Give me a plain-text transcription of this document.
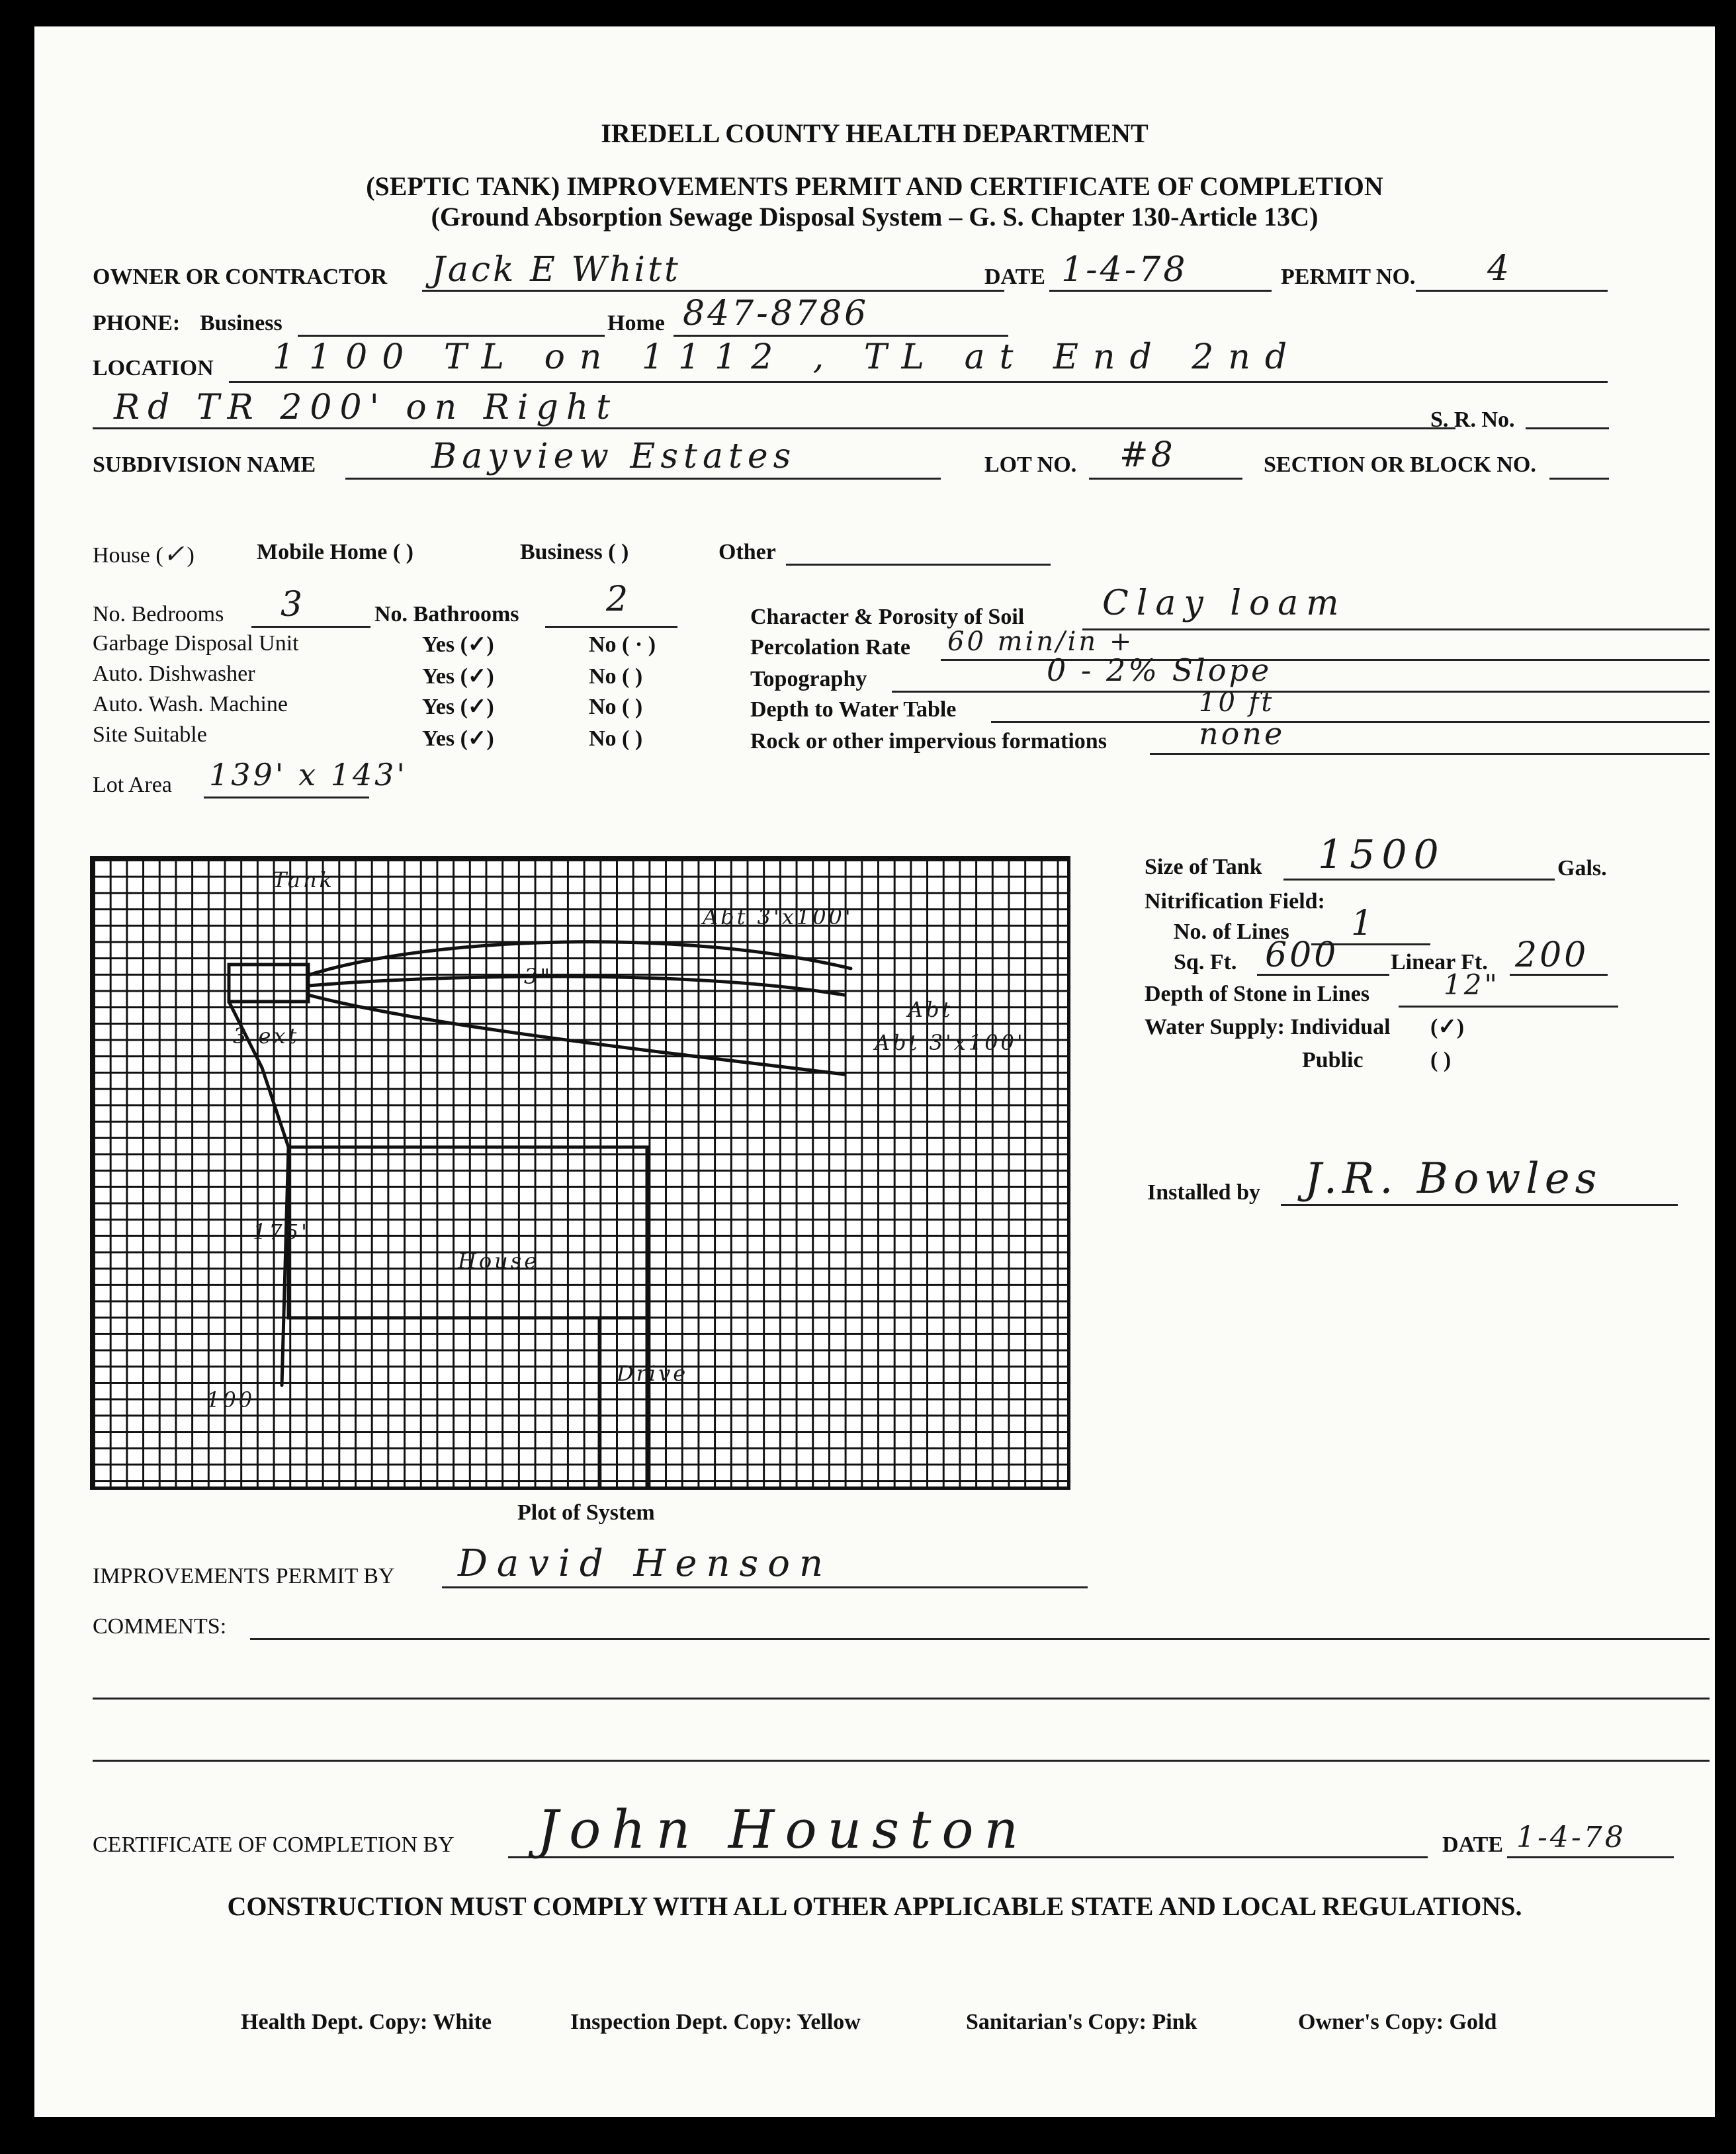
IREDELL COUNTY HEALTH DEPARTMENT
(SEPTIC TANK) IMPROVEMENTS PERMIT AND CERTIFICATE OF COMPLETION
(Ground Absorption Sewage Disposal System – G. S. Chapter 130-Article 13C)
OWNER OR CONTRACTOR Jack E Whitt	DATE 1-4-78	PERMIT NO. 4
PHONE: Business	Home 847-8786
LOCATION 1100 TL on 1112 , TL at End 2nd
Rd TR 200' on Right	S. R. No.
SUBDIVISION NAME	Bayview Estates	LOT NO. #8	SECTION OR BLOCK NO.
House (✓)	Mobile Home ( )	Business ( )	Other
No. Bedrooms 3	No. Bathrooms	2
Garbage Disposal Unit	Yes (✓)	No ( · )
Auto. Dishwasher	Yes (✓)	No ( )
Auto. Wash. Machine	Yes (✓)	No ( )
Site Suitable	Yes (✓)	No ( )
Lot Area 139' x 143'
Character & Porosity of Soil Clay loam
Percolation Rate 60 min/in +
Topography	0 - 2% Slope
Depth to Water Table	10 ft
Rock or other impervious formations	none
Tank
3 ext
Abt 3'x100'
Abt 3'x100'
3"
Abt
175'
House
100'
Drive
Plot of System
Size of Tank 1500	Gals.
Nitrification Field:
No. of Lines 1
Sq. Ft. 600 Linear Ft. 200
Depth of Stone in Lines	12"
Water Supply: Individual (✓)
Public	( )
Installed by J.R. Bowles
IMPROVEMENTS PERMIT BY David Henson
COMMENTS:
CERTIFICATE OF COMPLETION BY John Houston	DATE 1-4-78
CONSTRUCTION MUST COMPLY WITH ALL OTHER APPLICABLE STATE AND LOCAL REGULATIONS.
Health Dept. Copy: White	Inspection Dept. Copy: Yellow	Sanitarian's Copy: Pink	Owner's Copy: Gold
